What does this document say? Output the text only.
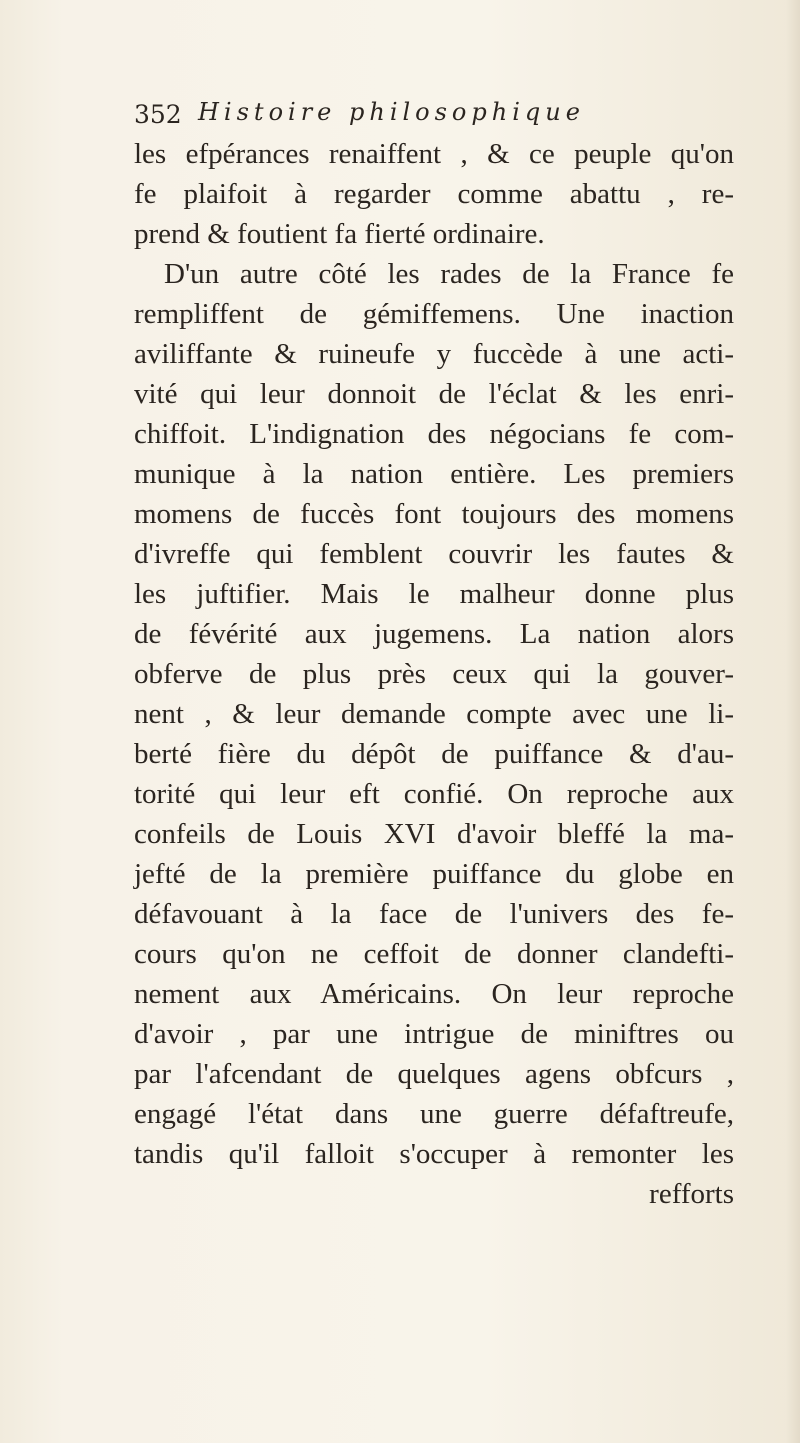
352 Histoire philosophique
les efpérances renaiffent , & ce peuple qu'on
fe plaifoit à regarder comme abattu , re-
prend & foutient fa fierté ordinaire.
D'un autre côté les rades de la France fe
rempliffent de gémiffemens. Une inaction
aviliffante & ruineufe y fuccède à une acti-
vité qui leur donnoit de l'éclat & les enri-
chiffoit. L'indignation des négocians fe com-
munique à la nation entière. Les premiers
momens de fuccès font toujours des momens
d'ivreffe qui femblent couvrir les fautes &
les juftifier. Mais le malheur donne plus
de févérité aux jugemens. La nation alors
obferve de plus près ceux qui la gouver-
nent , & leur demande compte avec une li-
berté fière du dépôt de puiffance & d'au-
torité qui leur eft confié. On reproche aux
confeils de Louis XVI d'avoir bleffé la ma-
jefté de la première puiffance du globe en
défavouant à la face de l'univers des fe-
cours qu'on ne ceffoit de donner clandefti-
nement aux Américains. On leur reproche
d'avoir , par une intrigue de miniftres ou
par l'afcendant de quelques agens obfcurs ,
engagé l'état dans une guerre défaftreufe,
tandis qu'il falloit s'occuper à remonter les
refforts
